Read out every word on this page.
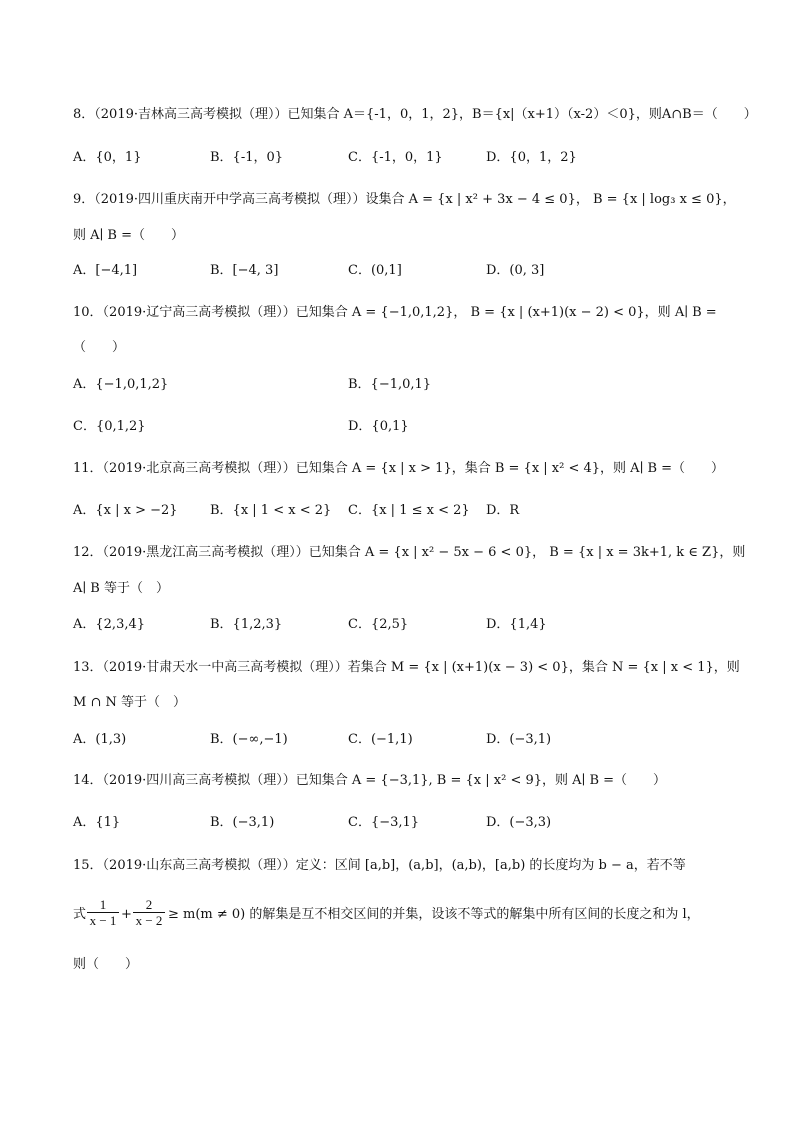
8．（2019·吉林高三高考模拟（理））已知集合 A＝{-1，0，1，2}，B＝{x|（x+1）（x-2）＜0}，则A∩B＝（　　）
A．{0，1}	B．{-1，0}	C．{-1，0，1}	D．{0，1，2}
9．（2019·四川重庆南开中学高三高考模拟（理））设集合 A = {x | x² + 3x − 4 ≤ 0}， B = {x | log₃ x ≤ 0}，
则 A∣ B =（　　）
A．[−4,1]	B．[−4, 3]	C．(0,1]	D．(0, 3]
10．（2019·辽宁高三高考模拟（理））已知集合 A = {−1,0,1,2}， B = {x | (x+1)(x − 2) < 0}，则 A∣ B =
（　　）
A．{−1,0,1,2}	B．{−1,0,1}
C．{0,1,2}	D．{0,1}
11．（2019·北京高三高考模拟（理））已知集合 A = {x | x > 1}，集合 B = {x | x² < 4}，则 A∣ B =（　　）
A．{x | x > −2} B．{x | 1 < x < 2} C．{x | 1 ≤ x < 2} D．R
12．（2019·黑龙江高三高考模拟（理））已知集合 A = {x | x² − 5x − 6 < 0}， B = {x | x = 3k+1, k ∈ Z}，则
A∣ B 等于（　）
A．{2,3,4}	B．{1,2,3}	C．{2,5}	D．{1,4}
13．（2019·甘肃天水一中高三高考模拟（理））若集合 M = {x | (x+1)(x − 3) < 0}，集合 N = {x | x < 1}，则
M ∩ N 等于（　）
A．(1,3)	B．(−∞,−1)	C．(−1,1)	D．(−3,1)
14．（2019·四川高三高考模拟（理））已知集合 A = {−3,1}, B = {x | x² < 9}，则 A∣ B =（　　）
A．{1}	B．(−3,1)	C．{−3,1}	D．(−3,3)
15．（2019·山东高三高考模拟（理））定义：区间 [a,b]，(a,b]，(a,b)，[a,b) 的长度均为 b − a，若不等
式 $\frac{1}{x - 1} + \frac{2}{x - 2} \ge m(m \ne 0)$ 的解集是互不相交区间的并集，设该不等式的解集中所有区间的长度之和为 l，
则（　　）
